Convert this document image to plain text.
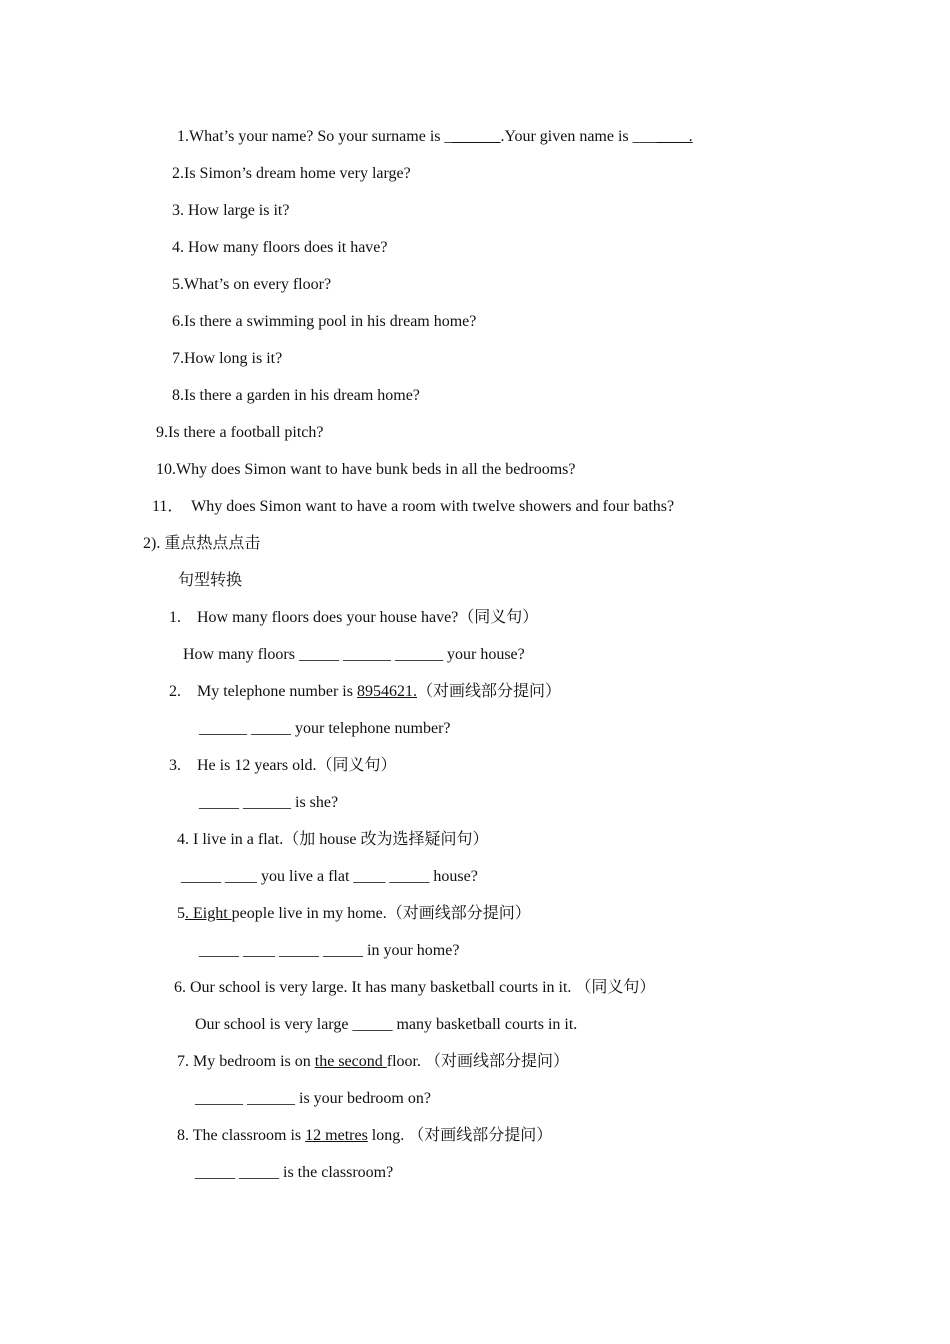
1.What’s your name? So your surname is _______.Your given name is _______.
2.Is Simon’s dream home very large?
3. How large is it?
4. How many floors does it have?
5.What’s on every floor?
6.Is there a swimming pool in his dream home?
7.How long is it?
8.Is there a garden in his dream home?
9.Is there a football pitch?
10.Why does Simon want to have bunk beds in all the bedrooms?
11．  Why does Simon want to have a room with twelve showers and four baths?
2). 重点热点点击
句型转换
1.    How many floors does your house have?（同义句）
How many floors _____ ______ ______ your house?
2.    My telephone number is 8954621.（对画线部分提问）
______ _____ your telephone number?
3.    He is 12 years old.（同义句）
_____ ______ is she?
4. I live in a flat.（加 house 改为选择疑问句）
_____ ____ you live a flat ____ _____ house?
5. Eight people live in my home.（对画线部分提问）
_____ ____ _____ _____ in your home?
6. Our school is very large. It has many basketball courts in it. （同义句）
Our school is very large _____ many basketball courts in it.
7. My bedroom is on the second floor. （对画线部分提问）
______ ______ is your bedroom on?
8. The classroom is 12 metres long. （对画线部分提问）
_____ _____ is the classroom?
